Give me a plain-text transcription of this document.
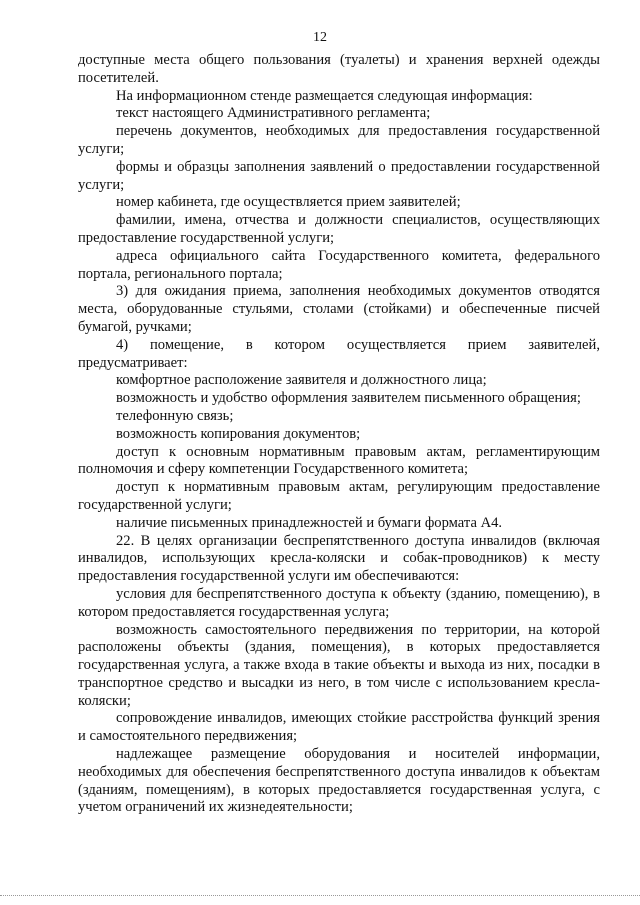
12

доступные места общего пользования (туалеты) и хранения верхней одежды посетителей.

На информационном стенде размещается следующая информация:

текст настоящего Административного регламента;

перечень документов, необходимых для предоставления государственной услуги;

формы и образцы заполнения заявлений о предоставлении государственной услуги;

номер кабинета, где осуществляется прием заявителей;

фамилии, имена, отчества и должности специалистов, осуществляющих предоставление государственной услуги;

адреса официального сайта Государственного комитета, федерального портала, регионального портала;

3) для ожидания приема, заполнения необходимых документов отводятся места, оборудованные стульями, столами (стойками) и обеспеченные писчей бумагой, ручками;

4) помещение, в котором осуществляется прием заявителей, предусматривает:

комфортное расположение заявителя и должностного лица;

возможность и удобство оформления заявителем письменного обращения;

телефонную связь;

возможность копирования документов;

доступ к основным нормативным правовым актам, регламентирующим полномочия и сферу компетенции Государственного комитета;

доступ к нормативным правовым актам, регулирующим предоставление государственной услуги;

наличие письменных принадлежностей и бумаги формата А4.

22. В целях организации беспрепятственного доступа инвалидов (включая инвалидов, использующих кресла-коляски и собак-проводников) к месту предоставления государственной услуги им обеспечиваются:

условия для беспрепятственного доступа к объекту (зданию, помещению), в котором предоставляется государственная услуга;

возможность самостоятельного передвижения по территории, на которой расположены объекты (здания, помещения), в которых предоставляется государственная услуга, а также входа в такие объекты и выхода из них, посадки в транспортное средство и высадки из него, в том числе с использованием кресла-коляски;

сопровождение инвалидов, имеющих стойкие расстройства функций зрения и самостоятельного передвижения;

надлежащее размещение оборудования и носителей информации, необходимых для обеспечения беспрепятственного доступа инвалидов к объектам (зданиям, помещениям), в которых предоставляется государственная услуга, с учетом ограничений их жизнедеятельности;
